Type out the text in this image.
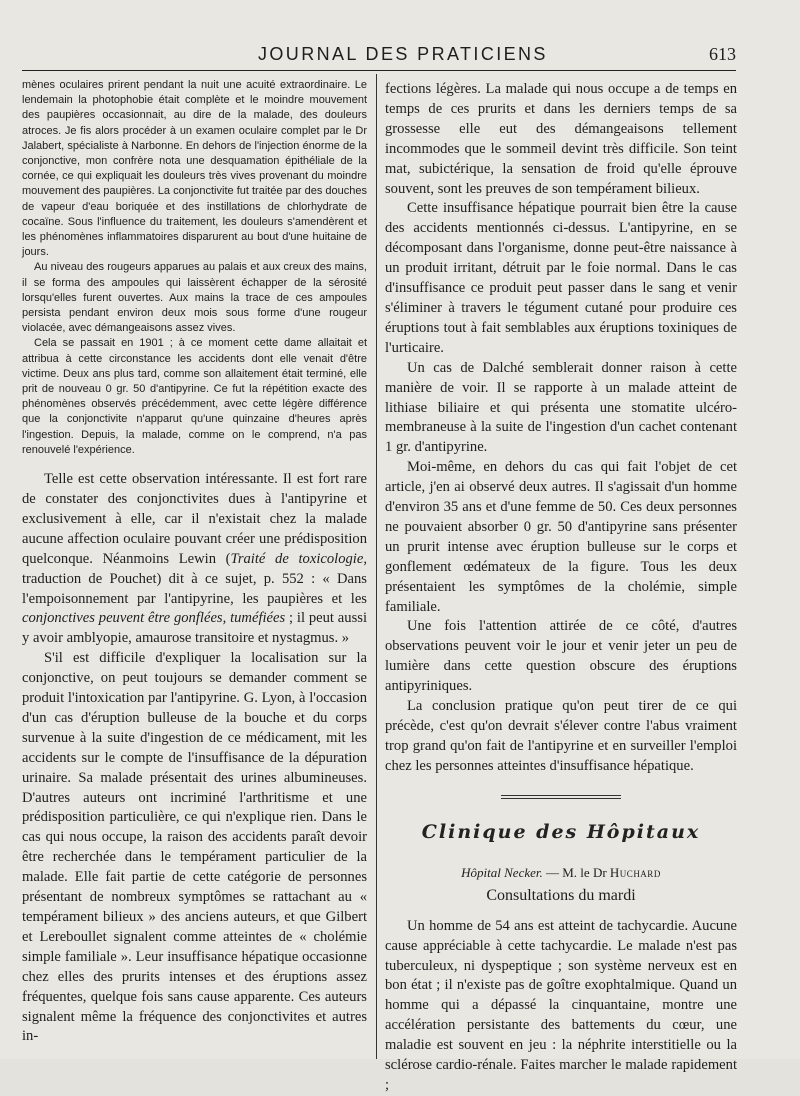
JOURNAL DES PRATICIENS	613

mènes oculaires prirent pendant la nuit une acuité extraordinaire. Le lendemain la photophobie était complète et le moindre mouvement des paupières occasionnait, au dire de la malade, des douleurs atroces. Je fis alors procéder à un examen oculaire complet par le Dr Jalabert, spécialiste à Narbonne. En dehors de l'injection énorme de la conjonctive, mon confrère nota une desquamation épithéliale de la cornée, ce qui expliquait les douleurs très vives provenant du moindre mouvement des paupières. La conjonctivite fut traitée par des douches de vapeur d'eau boriquée et des instillations de chlorhydrate de cocaïne. Sous l'influence du traitement, les douleurs s'amendèrent et les phénomènes inflammatoires disparurent au bout d'une huitaine de jours.

Au niveau des rougeurs apparues au palais et aux creux des mains, il se forma des ampoules qui laissèrent échapper de la sérosité lorsqu'elles furent ouvertes. Aux mains la trace de ces ampoules persista pendant environ deux mois sous forme d'une rougeur violacée, avec démangeaisons assez vives.

Cela se passait en 1901 ; à ce moment cette dame allaitait et attribua à cette circonstance les accidents dont elle venait d'être victime. Deux ans plus tard, comme son allaitement était terminé, elle prit de nouveau 0 gr. 50 d'antipyrine. Ce fut la répétition exacte des phénomènes observés précédemment, avec cette légère différence que la conjonctivite n'apparut qu'une quinzaine d'heures après l'ingestion. Depuis, la malade, comme on le comprend, n'a pas renouvelé l'expérience.

Telle est cette observation intéressante. Il est fort rare de constater des conjonctivites dues à l'antipyrine et exclusivement à elle, car il n'existait chez la malade aucune affection oculaire pouvant créer une prédisposition quelconque. Néanmoins Lewin (Traité de toxicologie, traduction de Pouchet) dit à ce sujet, p. 552 : « Dans l'empoisonnement par l'antipyrine, les paupières et les conjonctives peuvent être gonflées, tuméfiées ; il peut aussi y avoir amblyopie, amaurose transitoire et nystagmus. »

S'il est difficile d'expliquer la localisation sur la conjonctive, on peut toujours se demander comment se produit l'intoxication par l'antipyrine. G. Lyon, à l'occasion d'un cas d'éruption bulleuse de la bouche et du corps survenue à la suite d'ingestion de ce médicament, mit les accidents sur le compte de l'insuffisance de la dépuration urinaire. Sa malade présentait des urines albumineuses. D'autres auteurs ont incriminé l'arthritisme et une prédisposition particulière, ce qui n'explique rien. Dans le cas qui nous occupe, la raison des accidents paraît devoir être recherchée dans le tempérament particulier de la malade. Elle fait partie de cette catégorie de personnes présentant de nombreux symptômes se rattachant au « tempérament bilieux » des anciens auteurs, et que Gilbert et Lereboullet signalent comme atteintes de « cholémie simple familiale ». Leur insuffisance hépatique occasionne chez elles des prurits intenses et des éruptions assez fréquentes, quelque fois sans cause apparente. Ces auteurs signalent même la fréquence des conjonctivites et autres in-

fections légères. La malade qui nous occupe a de temps en temps de ces prurits et dans les derniers temps de sa grossesse elle eut des démangeaisons tellement incommodes que le sommeil devint très difficile. Son teint mat, subictérique, la sensation de froid qu'elle éprouve souvent, sont les preuves de son tempérament bilieux.

Cette insuffisance hépatique pourrait bien être la cause des accidents mentionnés ci-dessus. L'antipyrine, en se décomposant dans l'organisme, donne peut-être naissance à un produit irritant, détruit par le foie normal. Dans le cas d'insuffisance ce produit peut passer dans le sang et venir s'éliminer à travers le tégument cutané pour produire ces éruptions tout à fait semblables aux éruptions toxiniques de l'urticaire.

Un cas de Dalché semblerait donner raison à cette manière de voir. Il se rapporte à un malade atteint de lithiase biliaire et qui présenta une stomatite ulcéro-membraneuse à la suite de l'ingestion d'un cachet contenant 1 gr. d'antipyrine.

Moi-même, en dehors du cas qui fait l'objet de cet article, j'en ai observé deux autres. Il s'agissait d'un homme d'environ 35 ans et d'une femme de 50. Ces deux personnes ne pouvaient absorber 0 gr. 50 d'antipyrine sans présenter un prurit intense avec éruption bulleuse sur le corps et gonflement œdémateux de la figure. Tous les deux présentaient les symptômes de la cholémie, simple familiale.

Une fois l'attention attirée de ce côté, d'autres observations peuvent voir le jour et venir jeter un peu de lumière dans cette question obscure des éruptions antipyriniques.

La conclusion pratique qu'on peut tirer de ce qui précède, c'est qu'on devrait s'élever contre l'abus vraiment trop grand qu'on fait de l'antipyrine et en surveiller l'emploi chez les personnes atteintes d'insuffisance hépatique.

Clinique des Hôpitaux
Hôpital Necker. — M. le Dr Huchard
Consultations du mardi

Un homme de 54 ans est atteint de tachycardie. Aucune cause appréciable à cette tachycardie. Le malade n'est pas tuberculeux, ni dyspeptique ; son système nerveux est en bon état ; il n'existe pas de goître exophtalmique. Quand un homme qui a dépassé la cinquantaine, montre une accélération persistante des battements du cœur, une maladie est souvent en jeu : la néphrite interstitielle ou la sclérose cardio-rénale. Faites marcher le malade rapidement ;
